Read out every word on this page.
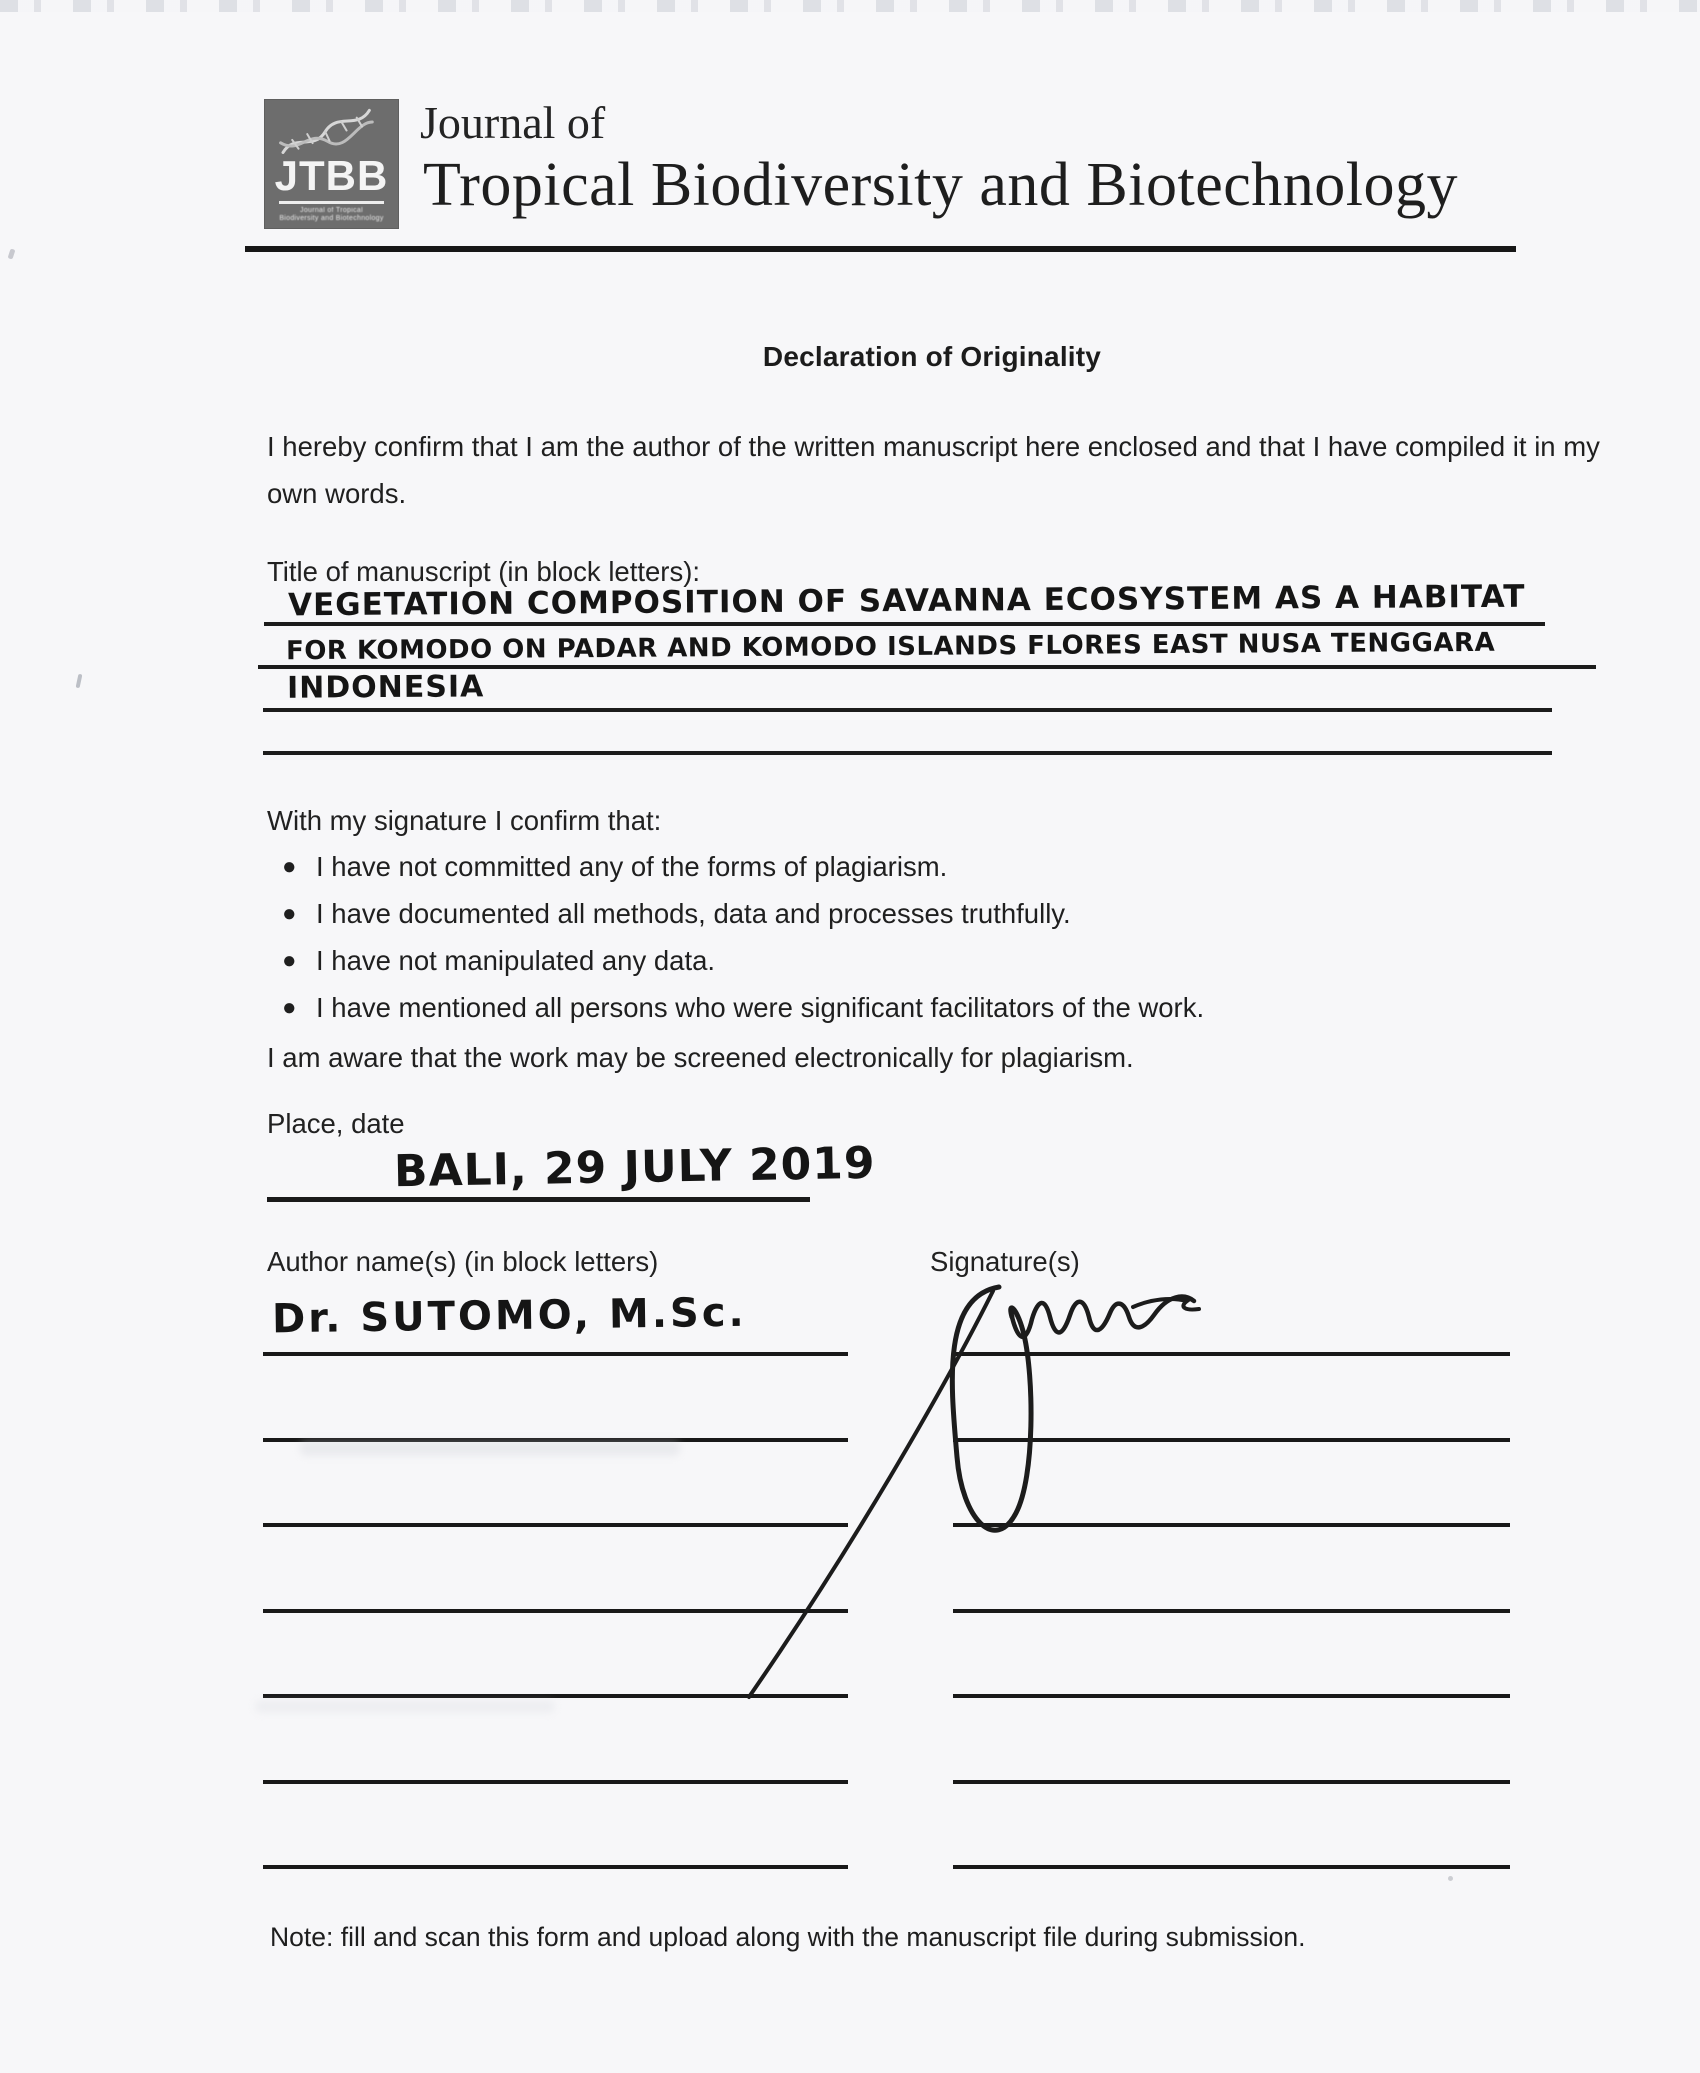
JTBB
Journal of Tropical
Biodiversity and Biotechnology
Journal of
Tropical Biodiversity and Biotechnology
Declaration of Originality
I hereby confirm that I am the author of the written manuscript here enclosed and that I have compiled it in my own words.
Title of manuscript (in block letters):
VEGETATION COMPOSITION OF SAVANNA ECOSYSTEM AS A HABITAT
FOR KOMODO ON PADAR AND KOMODO ISLANDS FLORES EAST NUSA TENGGARA
INDONESIA
With my signature I confirm that:
● I have not committed any of the forms of plagiarism.
● I have documented all methods, data and processes truthfully.
● I have not manipulated any data.
● I have mentioned all persons who were significant facilitators of the work.
I am aware that the work may be screened electronically for plagiarism.
Place, date
BALI, 29 JULY 2019
Author name(s) (in block letters)	Signature(s)
Dr. SUTOMO, M.Sc.
Note: fill and scan this form and upload along with the manuscript file during submission.
